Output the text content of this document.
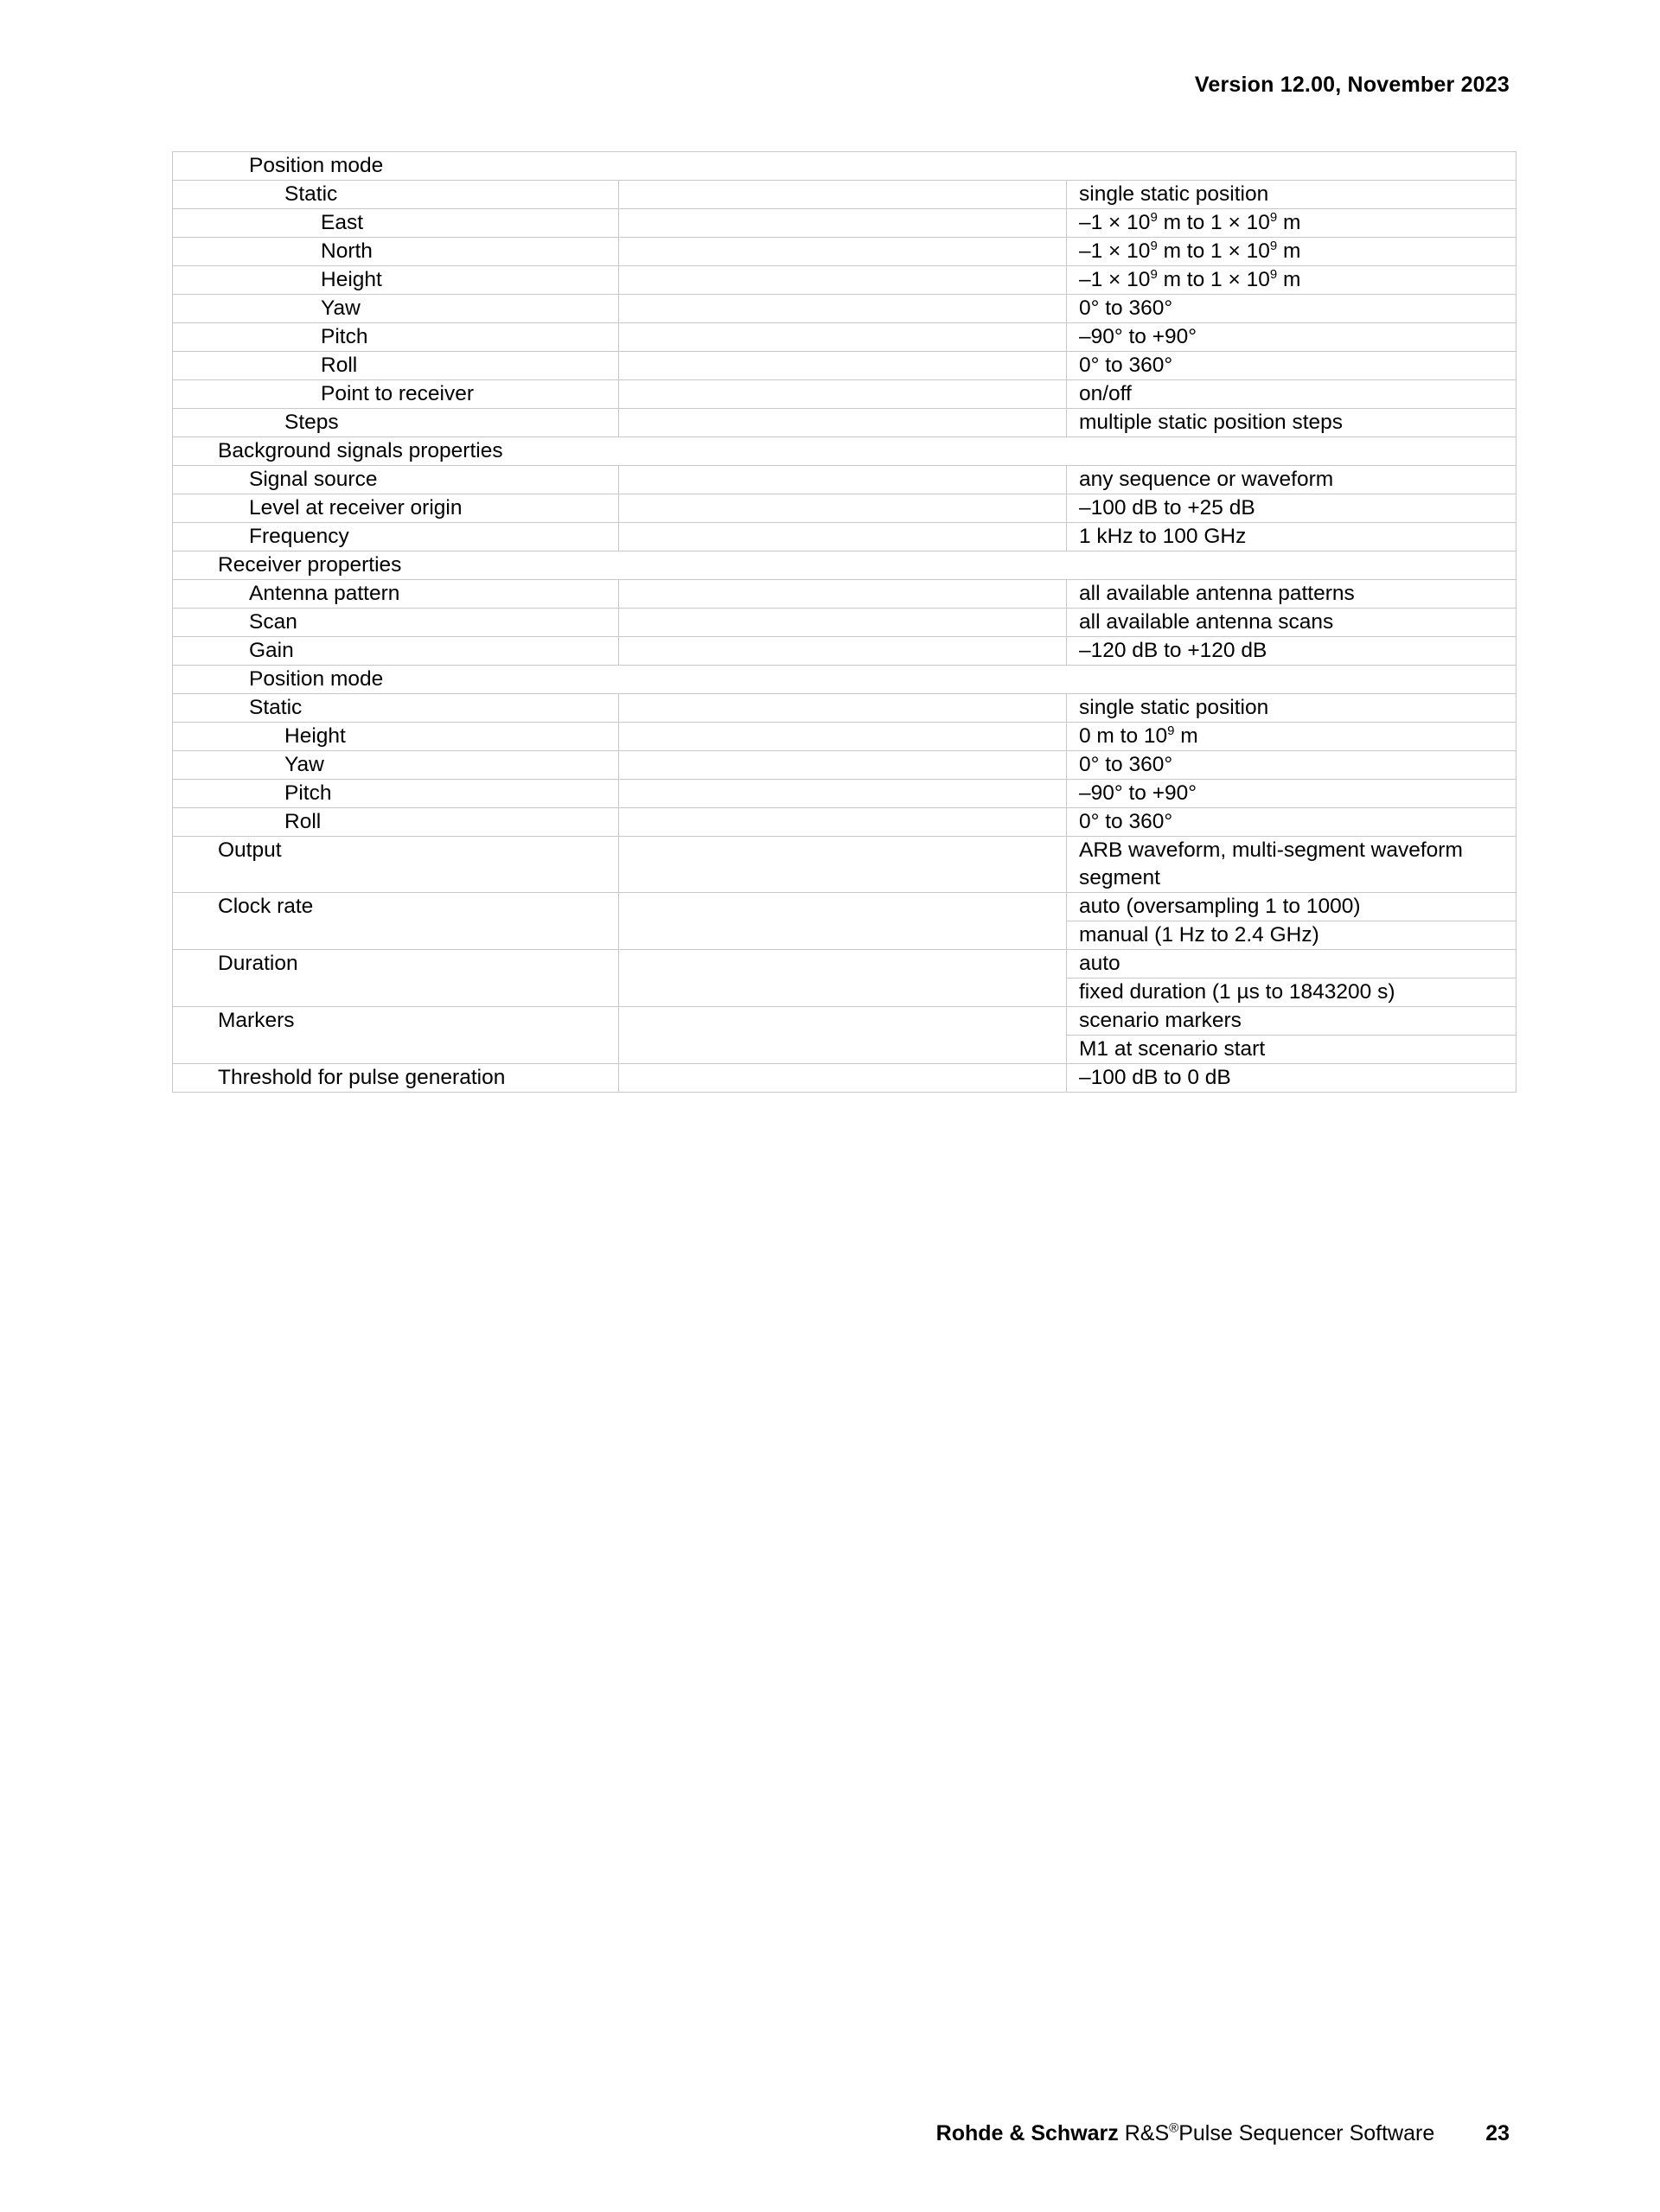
Version 12.00, November 2023
Position mode		
Static		single static position
East		$-1 \times 10^9$ m to $1 \times 10^9$ m
North		$-1 \times 10^9$ m to $1 \times 10^9$ m
Height		$-1 \times 10^9$ m to $1 \times 10^9$ m
Yaw		0° to 360°
Pitch		–90° to +90°
Roll		0° to 360°
Point to receiver		on/off
Steps		multiple static position steps
Background signals properties		
Signal source		any sequence or waveform
Level at receiver origin		–100 dB to +25 dB
Frequency		1 kHz to 100 GHz
Receiver properties		
Antenna pattern		all available antenna patterns
Scan		all available antenna scans
Gain		–120 dB to +120 dB
Position mode		
Static		single static position
Height		0 m to $10^9$ m
Yaw		0° to 360°
Pitch		–90° to +90°
Roll		0° to 360°
Output		ARB waveform, multi-segment waveform segment
Clock rate		auto (oversampling 1 to 1000)
		manual (1 Hz to 2.4 GHz)
Duration		auto
		fixed duration (1 µs to 1843200 s)
Markers		scenario markers
		M1 at scenario start
Threshold for pulse generation		–100 dB to 0 dB
Rohde & Schwarz R&S®Pulse Sequencer Software 23
